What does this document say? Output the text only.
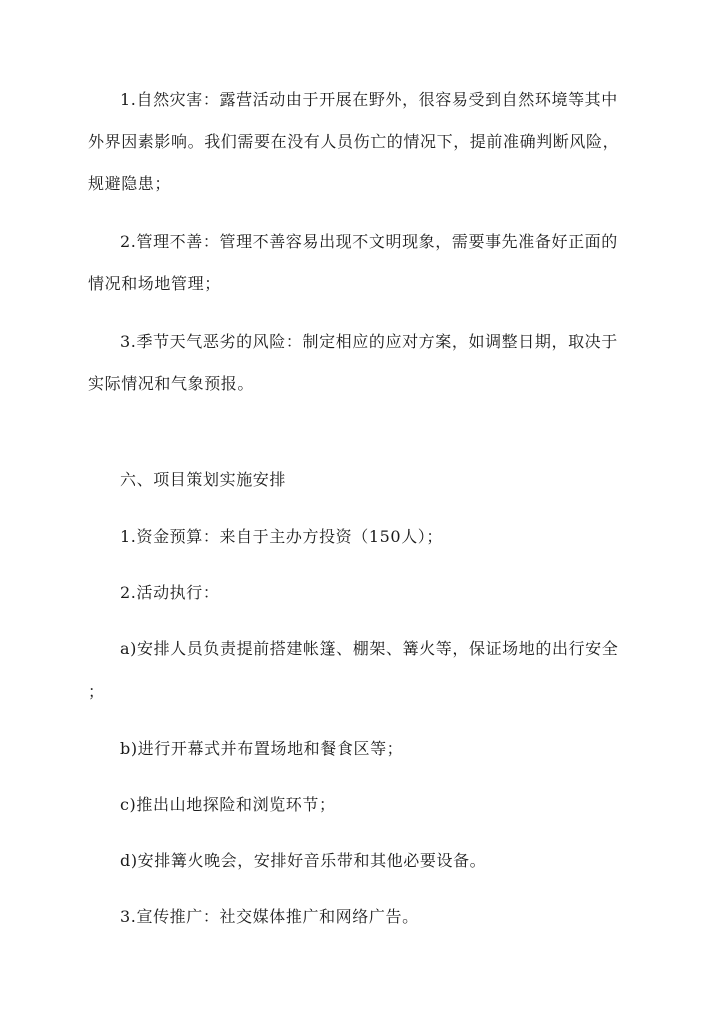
1.自然灾害：露营活动由于开展在野外，很容易受到自然环境等其中
外界因素影响。我们需要在没有人员伤亡的情况下，提前准确判断风险，
规避隐患；
2.管理不善：管理不善容易出现不文明现象，需要事先准备好正面的
情况和场地管理；
3.季节天气恶劣的风险：制定相应的应对方案，如调整日期，取决于
实际情况和气象预报。
六、项目策划实施安排
1.资金预算：来自于主办方投资（150人）；
2.活动执行：
a)安排人员负责提前搭建帐篷、棚架、篝火等，保证场地的出行安全
；
b)进行开幕式并布置场地和餐食区等；
c)推出山地探险和浏览环节；
d)安排篝火晚会，安排好音乐带和其他必要设备。
3.宣传推广：社交媒体推广和网络广告。
